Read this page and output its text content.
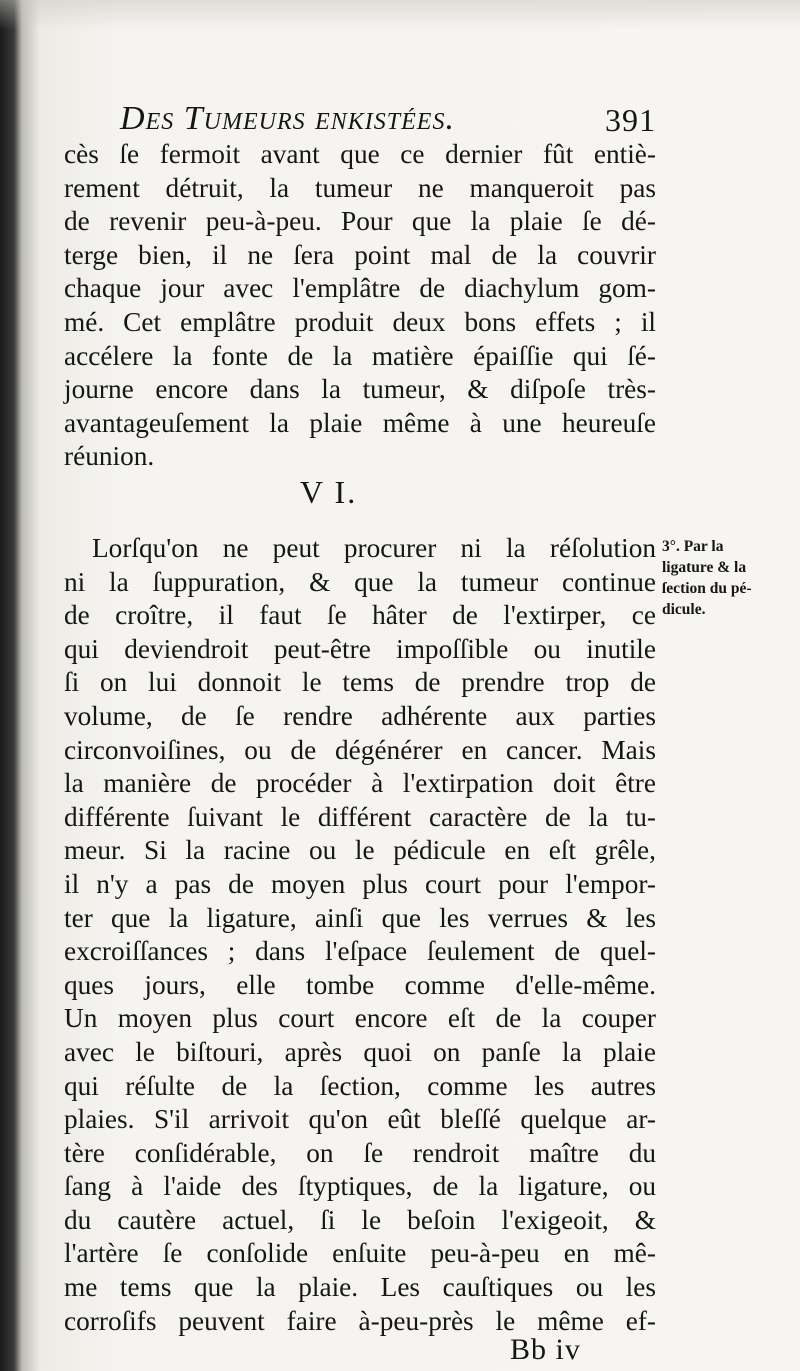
Des Tumeurs enkistées.	391
cès ſe fermoit avant que ce dernier fût entiè-
rement détruit, la tumeur ne manqueroit pas
de revenir peu-à-peu. Pour que la plaie ſe dé-
terge bien, il ne ſera point mal de la couvrir
chaque jour avec l'emplâtre de diachylum gom-
mé. Cet emplâtre produit deux bons effets ; il
accélere la fonte de la matière épaiſſie qui ſé-
journe encore dans la tumeur, & diſpoſe très-
avantageuſement la plaie même à une heureuſe
réunion.
V I.
3°. Par la
ligature & la
ſection du pé-
dicule.
Lorſqu'on ne peut procurer ni la réſolution
ni la ſuppuration, & que la tumeur continue
de croître, il faut ſe hâter de l'extirper, ce
qui deviendroit peut-être impoſſible ou inutile
ſi on lui donnoit le tems de prendre trop de
volume, de ſe rendre adhérente aux parties
circonvoiſines, ou de dégénérer en cancer. Mais
la manière de procéder à l'extirpation doit être
différente ſuivant le différent caractère de la tu-
meur. Si la racine ou le pédicule en eſt grêle,
il n'y a pas de moyen plus court pour l'empor-
ter que la ligature, ainſi que les verrues & les
excroiſſances ; dans l'eſpace ſeulement de quel-
ques jours, elle tombe comme d'elle-même.
Un moyen plus court encore eſt de la couper
avec le biſtouri, après quoi on panſe la plaie
qui réſulte de la ſection, comme les autres
plaies. S'il arrivoit qu'on eût bleſſé quelque ar-
tère conſidérable, on ſe rendroit maître du
ſang à l'aide des ſtyptiques, de la ligature, ou
du cautère actuel, ſi le beſoin l'exigeoit, &
l'artère ſe conſolide enſuite peu-à-peu en mê-
me tems que la plaie. Les cauſtiques ou les
corroſifs peuvent faire à-peu-près le même ef-
Bb iv
